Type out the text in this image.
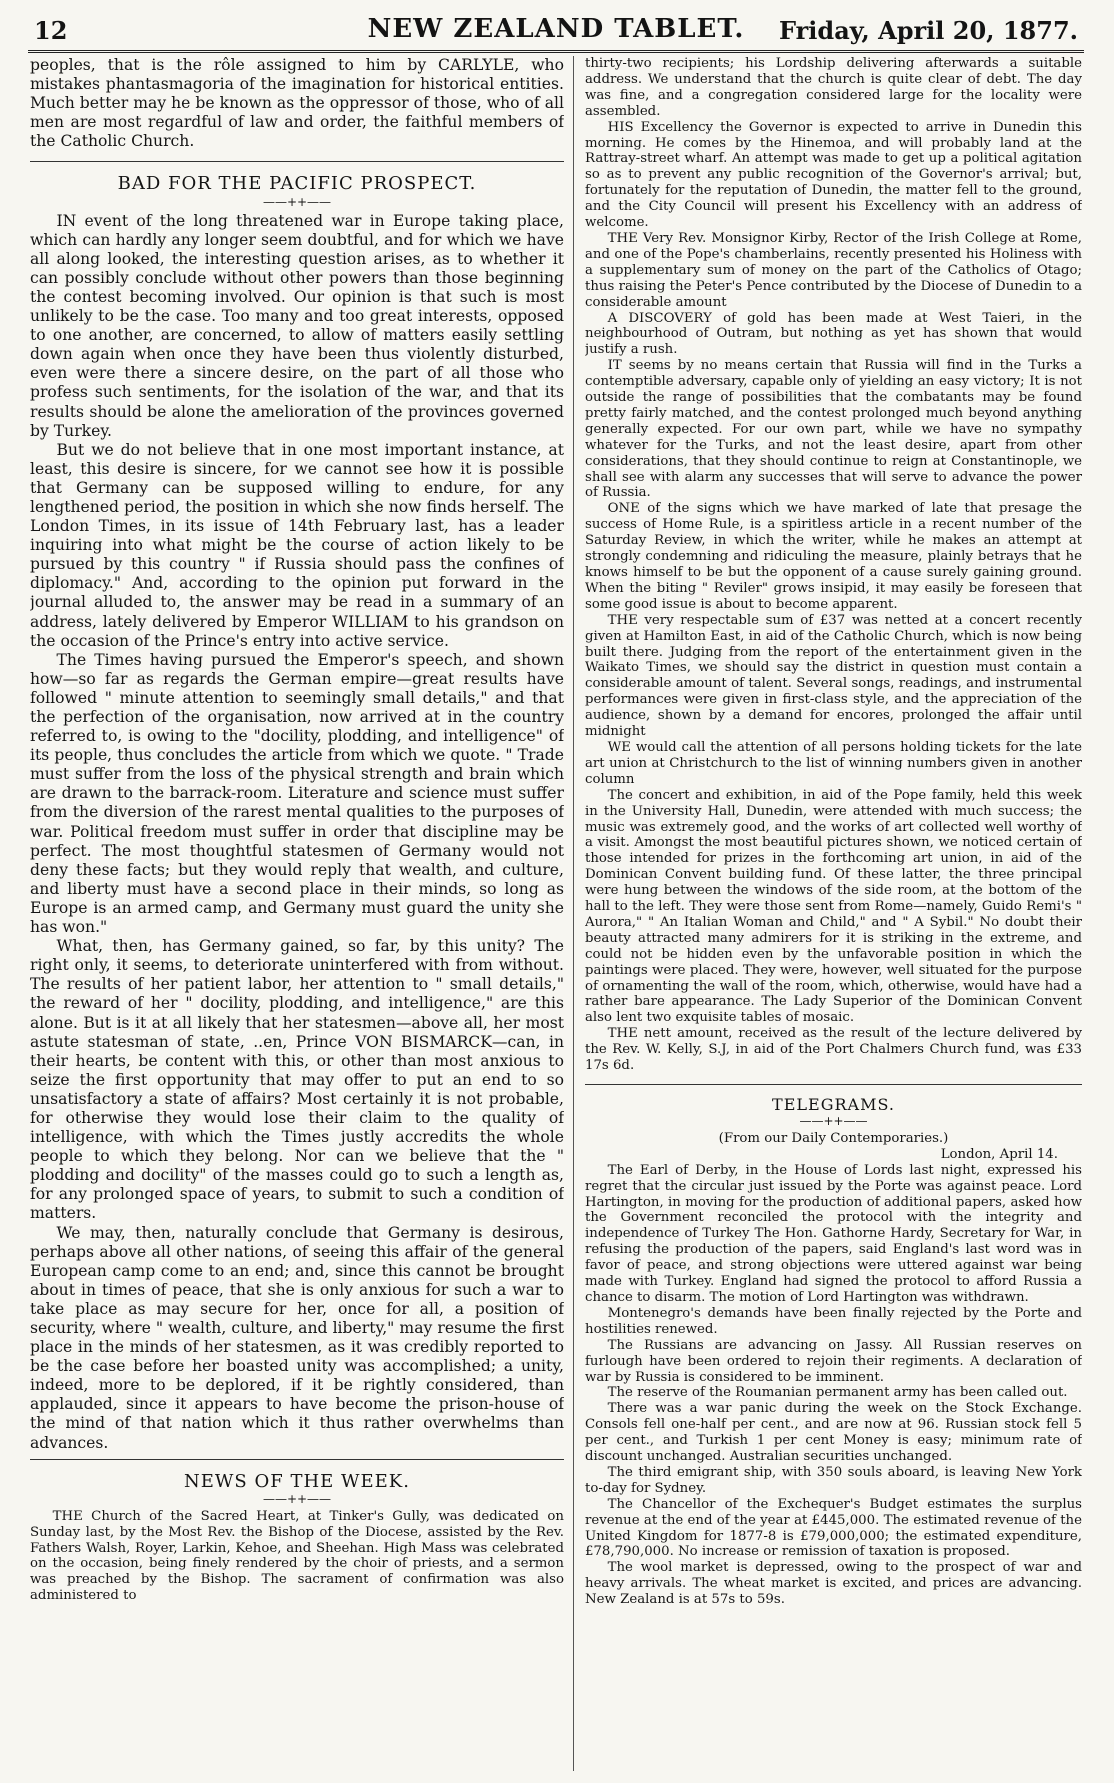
12	NEW ZEALAND TABLET.	Friday, April 20, 1877.

peoples, that is the rôle assigned to him by CARLYLE, who mistakes phantasmagoria of the imagination for historical entities. Much better may he be known as the oppressor of those, who of all men are most regardful of law and order, the faithful members of the Catholic Church.

BAD FOR THE PACIFIC PROSPECT.
——++——

IN event of the long threatened war in Europe taking place, which can hardly any longer seem doubtful, and for which we have all along looked, the interesting question arises, as to whether it can possibly conclude without other powers than those beginning the contest becoming involved. Our opinion is that such is most unlikely to be the case. Too many and too great interests, opposed to one another, are concerned, to allow of matters easily settling down again when once they have been thus violently disturbed, even were there a sincere desire, on the part of all those who profess such sentiments, for the isolation of the war, and that its results should be alone the amelioration of the provinces governed by Turkey.

But we do not believe that in one most important instance, at least, this desire is sincere, for we cannot see how it is possible that Germany can be supposed willing to endure, for any lengthened period, the position in which she now finds herself. The London Times, in its issue of 14th February last, has a leader inquiring into what might be the course of action likely to be pursued by this country " if Russia should pass the confines of diplomacy." And, according to the opinion put forward in the journal alluded to, the answer may be read in a summary of an address, lately delivered by Emperor WILLIAM to his grandson on the occasion of the Prince's entry into active service.

The Times having pursued the Emperor's speech, and shown how—so far as regards the German empire—great results have followed " minute attention to seemingly small details," and that the perfection of the organisation, now arrived at in the country referred to, is owing to the "docility, plodding, and intelligence" of its people, thus concludes the article from which we quote. " Trade must suffer from the loss of the physical strength and brain which are drawn to the barrack-room. Literature and science must suffer from the diversion of the rarest mental qualities to the purposes of war. Political freedom must suffer in order that discipline may be perfect. The most thoughtful statesmen of Germany would not deny these facts; but they would reply that wealth, and culture, and liberty must have a second place in their minds, so long as Europe is an armed camp, and Germany must guard the unity she has won."

What, then, has Germany gained, so far, by this unity? The right only, it seems, to deteriorate uninterfered with from without. The results of her patient labor, her attention to " small details," the reward of her " docility, plodding, and intelligence," are this alone. But is it at all likely that her statesmen—above all, her most astute statesman of state, ..en, Prince VON BISMARCK—can, in their hearts, be content with this, or other than most anxious to seize the first opportunity that may offer to put an end to so unsatisfactory a state of affairs? Most certainly it is not probable, for otherwise they would lose their claim to the quality of intelligence, with which the Times justly accredits the whole people to which they belong. Nor can we believe that the " plodding and docility" of the masses could go to such a length as, for any prolonged space of years, to submit to such a condition of matters.

We may, then, naturally conclude that Germany is desirous, perhaps above all other nations, of seeing this affair of the general European camp come to an end; and, since this cannot be brought about in times of peace, that she is only anxious for such a war to take place as may secure for her, once for all, a position of security, where " wealth, culture, and liberty," may resume the first place in the minds of her statesmen, as it was credibly reported to be the case before her boasted unity was accomplished; a unity, indeed, more to be deplored, if it be rightly considered, than applauded, since it appears to have become the prison-house of the mind of that nation which it thus rather overwhelms than advances.

NEWS OF THE WEEK.
——++——

THE Church of the Sacred Heart, at Tinker's Gully, was dedicated on Sunday last, by the Most Rev. the Bishop of the Diocese, assisted by the Rev. Fathers Walsh, Royer, Larkin, Kehoe, and Sheehan. High Mass was celebrated on the occasion, being finely rendered by the choir of priests, and a sermon was preached by the Bishop. The sacrament of confirmation was also administered to

thirty-two recipients; his Lordship delivering afterwards a suitable address. We understand that the church is quite clear of debt. The day was fine, and a congregation considered large for the locality were assembled.

HIS Excellency the Governor is expected to arrive in Dunedin this morning. He comes by the Hinemoa, and will probably land at the Rattray-street wharf. An attempt was made to get up a political agitation so as to prevent any public recognition of the Governor's arrival; but, fortunately for the reputation of Dunedin, the matter fell to the ground, and the City Council will present his Excellency with an address of welcome.

THE Very Rev. Monsignor Kirby, Rector of the Irish College at Rome, and one of the Pope's chamberlains, recently presented his Holiness with a supplementary sum of money on the part of the Catholics of Otago; thus raising the Peter's Pence contributed by the Diocese of Dunedin to a considerable amount

A DISCOVERY of gold has been made at West Taieri, in the neighbourhood of Outram, but nothing as yet has shown that would justify a rush.

IT seems by no means certain that Russia will find in the Turks a contemptible adversary, capable only of yielding an easy victory; It is not outside the range of possibilities that the combatants may be found pretty fairly matched, and the contest prolonged much beyond anything generally expected. For our own part, while we have no sympathy whatever for the Turks, and not the least desire, apart from other considerations, that they should continue to reign at Constantinople, we shall see with alarm any successes that will serve to advance the power of Russia.

ONE of the signs which we have marked of late that presage the success of Home Rule, is a spiritless article in a recent number of the Saturday Review, in which the writer, while he makes an attempt at strongly condemning and ridiculing the measure, plainly betrays that he knows himself to be but the opponent of a cause surely gaining ground. When the biting " Reviler" grows insipid, it may easily be foreseen that some good issue is about to become apparent.

THE very respectable sum of £37 was netted at a concert recently given at Hamilton East, in aid of the Catholic Church, which is now being built there. Judging from the report of the entertainment given in the Waikato Times, we should say the district in question must contain a considerable amount of talent. Several songs, readings, and instrumental performances were given in first-class style, and the appreciation of the audience, shown by a demand for encores, prolonged the affair until midnight

WE would call the attention of all persons holding tickets for the late art union at Christchurch to the list of winning numbers given in another column

The concert and exhibition, in aid of the Pope family, held this week in the University Hall, Dunedin, were attended with much success; the music was extremely good, and the works of art collected well worthy of a visit. Amongst the most beautiful pictures shown, we noticed certain of those intended for prizes in the forthcoming art union, in aid of the Dominican Convent building fund. Of these latter, the three principal were hung between the windows of the side room, at the bottom of the hall to the left. They were those sent from Rome—namely, Guido Remi's " Aurora," " An Italian Woman and Child," and " A Sybil." No doubt their beauty attracted many admirers for it is striking in the extreme, and could not be hidden even by the unfavorable position in which the paintings were placed. They were, however, well situated for the purpose of ornamenting the wall of the room, which, otherwise, would have had a rather bare appearance. The Lady Superior of the Dominican Convent also lent two exquisite tables of mosaic.

THE nett amount, received as the result of the lecture delivered by the Rev. W. Kelly, S.J, in aid of the Port Chalmers Church fund, was £33 17s 6d.

TELEGRAMS.
——++——

(From our Daily Contemporaries.)

London, April 14.

The Earl of Derby, in the House of Lords last night, expressed his regret that the circular just issued by the Porte was against peace. Lord Hartington, in moving for the production of additional papers, asked how the Government reconciled the protocol with the integrity and independence of Turkey The Hon. Gathorne Hardy, Secretary for War, in refusing the production of the papers, said England's last word was in favor of peace, and strong objections were uttered against war being made with Turkey. England had signed the protocol to afford Russia a chance to disarm. The motion of Lord Hartington was withdrawn.

Montenegro's demands have been finally rejected by the Porte and hostilities renewed.

The Russians are advancing on Jassy. All Russian reserves on furlough have been ordered to rejoin their regiments. A declaration of war by Russia is considered to be imminent.

The reserve of the Roumanian permanent army has been called out.

There was a war panic during the week on the Stock Exchange. Consols fell one-half per cent., and are now at 96. Russian stock fell 5 per cent., and Turkish 1 per cent Money is easy; minimum rate of discount unchanged. Australian securities unchanged.

The third emigrant ship, with 350 souls aboard, is leaving New York to-day for Sydney.

The Chancellor of the Exchequer's Budget estimates the surplus revenue at the end of the year at £445,000. The estimated revenue of the United Kingdom for 1877-8 is £79,000,000; the estimated expenditure, £78,790,000. No increase or remission of taxation is proposed.

The wool market is depressed, owing to the prospect of war and heavy arrivals. The wheat market is excited, and prices are advancing. New Zealand is at 57s to 59s.
